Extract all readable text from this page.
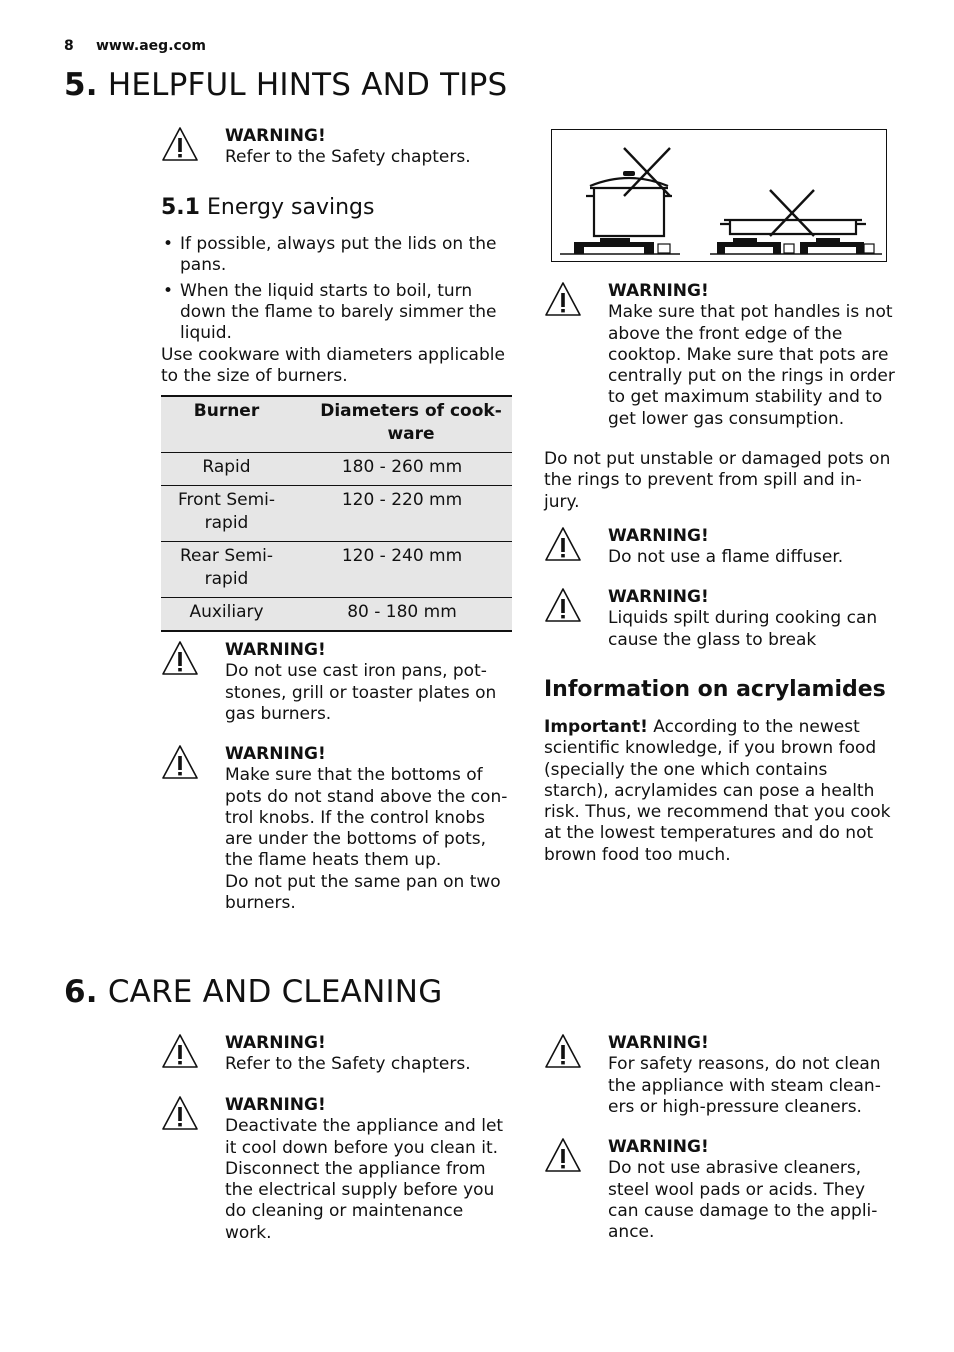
8 www.aeg.com
5. HELPFUL HINTS AND TIPS
WARNING!
Refer to the Safety chapters.
5.1 Energy savings
• If possible, always put the lids on the pans.
• When the liquid starts to boil, turn down the flame to barely simmer the liquid.
Use cookware with diameters applicable to the size of burners.
Burner	Diameters of cook-ware
Rapid	180 - 260 mm
Front Semi-rapid	120 - 220 mm
Rear Semi-rapid	120 - 240 mm
Auxiliary	80 - 180 mm
WARNING!
Do not use cast iron pans, pot-stones, grill or toaster plates on gas burners.
WARNING!
Make sure that the bottoms of pots do not stand above the con-trol knobs. If the control knobs are under the bottoms of pots, the flame heats them up.
Do not put the same pan on two burners.
WARNING!
Make sure that pot handles is not above the front edge of the cooktop. Make sure that pots are centrally put on the rings in order to get maximum stability and to get lower gas consumption.
Do not put unstable or damaged pots on the rings to prevent from spill and in-jury.
WARNING!
Do not use a flame diffuser.
WARNING!
Liquids spilt during cooking can cause the glass to break
Information on acrylamides
Important! According to the newest scientific knowledge, if you brown food (specially the one which contains starch), acrylamides can pose a health risk. Thus, we recommend that you cook at the lowest temperatures and do not brown food too much.
6. CARE AND CLEANING
WARNING!
Refer to the Safety chapters.
WARNING!
Deactivate the appliance and let it cool down before you clean it. Disconnect the appliance from the electrical supply before you do cleaning or maintenance work.
WARNING!
For safety reasons, do not clean the appliance with steam clean-ers or high-pressure cleaners.
WARNING!
Do not use abrasive cleaners, steel wool pads or acids. They can cause damage to the appli-ance.
